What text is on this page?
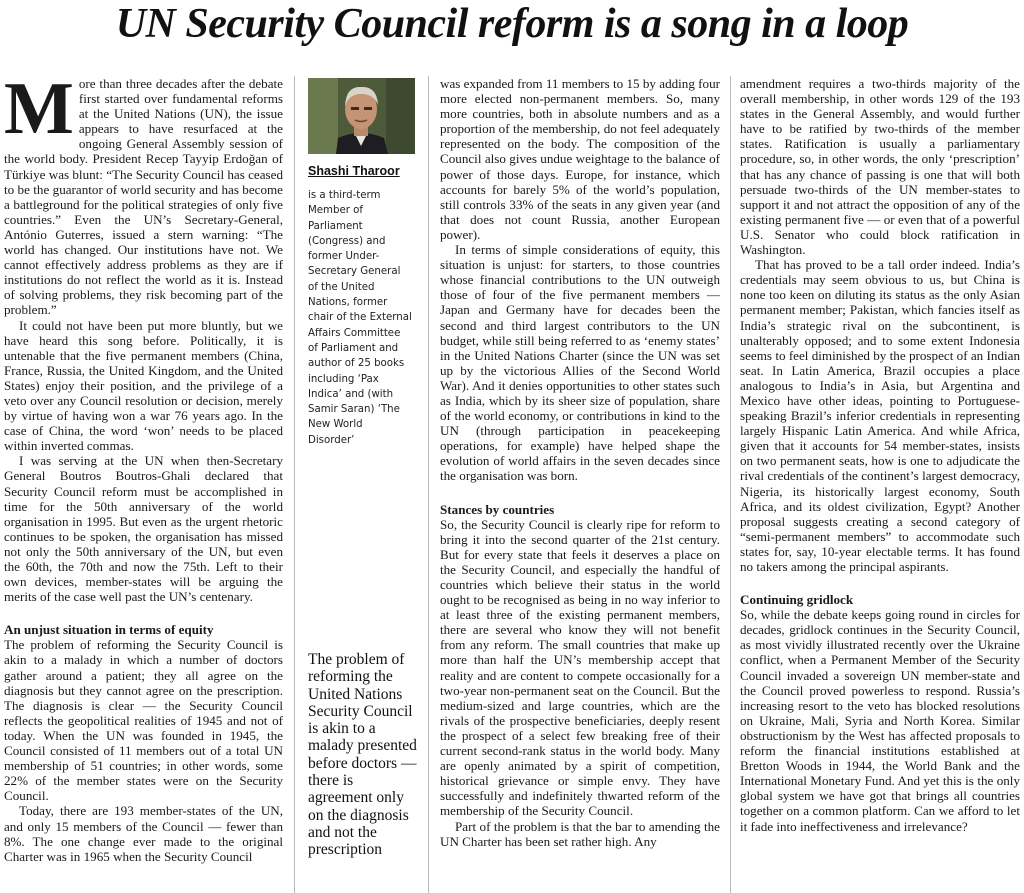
UN Security Council reform is a song in a loop

More than three decades after the debate first started over fundamental reforms at the United Nations (UN), the issue appears to have resurfaced at the ongoing General Assembly session of the world body. President Recep Tayyip Erdoğan of Türkiye was blunt: “The Security Council has ceased to be the guarantor of world security and has become a battleground for the political strategies of only five countries.” Even the UN’s Secretary-General, António Guterres, issued a stern warning: “The world has changed. Our institutions have not. We cannot effectively address problems as they are if institutions do not reflect the world as it is. Instead of solving problems, they risk becoming part of the problem.”

It could not have been put more bluntly, but we have heard this song before. Politically, it is untenable that the five permanent members (China, France, Russia, the United Kingdom, and the United States) enjoy their position, and the privilege of a veto over any Council resolution or decision, merely by virtue of having won a war 76 years ago. In the case of China, the word ‘won’ needs to be placed within inverted commas.

I was serving at the UN when then-Secretary General Boutros Boutros-Ghali declared that Security Council reform must be accomplished in time for the 50th anniversary of the world organisation in 1995. But even as the urgent rhetoric continues to be spoken, the organisation has missed not only the 50th anniversary of the UN, but even the 60th, the 70th and now the 75th. Left to their own devices, member-states will be arguing the merits of the case well past the UN’s centenary.

An unjust situation in terms of equity

The problem of reforming the Security Council is akin to a malady in which a number of doctors gather around a patient; they all agree on the diagnosis but they cannot agree on the prescription. The diagnosis is clear — the Security Council reflects the geopolitical realities of 1945 and not of today. When the UN was founded in 1945, the Council consisted of 11 members out of a total UN membership of 51 countries; in other words, some 22% of the member states were on the Security Council.

Today, there are 193 member-states of the UN, and only 15 members of the Council — fewer than 8%. The one change ever made to the original Charter was in 1965 when the Security Council

Shashi Tharoor
is a third-term Member of Parliament (Congress) and former Under-Secretary General of the United Nations, former chair of the External Affairs Committee of Parliament and author of 25 books including ‘Pax Indica’ and (with Samir Saran) ‘The New World Disorder’
The problem of reforming the United Nations Security Council is akin to a malady presented before doctors — there is agreement only on the diagnosis and not the prescription

was expanded from 11 members to 15 by adding four more elected non-permanent members. So, many more countries, both in absolute numbers and as a proportion of the membership, do not feel adequately represented on the body. The composition of the Council also gives undue weightage to the balance of power of those days. Europe, for instance, which accounts for barely 5% of the world’s population, still controls 33% of the seats in any given year (and that does not count Russia, another European power).

In terms of simple considerations of equity, this situation is unjust: for starters, to those countries whose financial contributions to the UN outweigh those of four of the five permanent members — Japan and Germany have for decades been the second and third largest contributors to the UN budget, while still being referred to as ‘enemy states’ in the United Nations Charter (since the UN was set up by the victorious Allies of the Second World War). And it denies opportunities to other states such as India, which by its sheer size of population, share of the world economy, or contributions in kind to the UN (through participation in peacekeeping operations, for example) have helped shape the evolution of world affairs in the seven decades since the organisation was born.

Stances by countries

So, the Security Council is clearly ripe for reform to bring it into the second quarter of the 21st century. But for every state that feels it deserves a place on the Security Council, and especially the handful of countries which believe their status in the world ought to be recognised as being in no way inferior to at least three of the existing permanent members, there are several who know they will not benefit from any reform. The small countries that make up more than half the UN’s membership accept that reality and are content to compete occasionally for a two-year non-permanent seat on the Council. But the medium-sized and large countries, which are the rivals of the prospective beneficiaries, deeply resent the prospect of a select few breaking free of their current second-rank status in the world body. Many are openly animated by a spirit of competition, historical grievance or simple envy. They have successfully and indefinitely thwarted reform of the membership of the Security Council.

Part of the problem is that the bar to amending the UN Charter has been set rather high. Any

amendment requires a two-thirds majority of the overall membership, in other words 129 of the 193 states in the General Assembly, and would further have to be ratified by two-thirds of the member states. Ratification is usually a parliamentary procedure, so, in other words, the only ‘prescription’ that has any chance of passing is one that will both persuade two-thirds of the UN member-states to support it and not attract the opposition of any of the existing permanent five — or even that of a powerful U.S. Senator who could block ratification in Washington.

That has proved to be a tall order indeed. India’s credentials may seem obvious to us, but China is none too keen on diluting its status as the only Asian permanent member; Pakistan, which fancies itself as India’s strategic rival on the subcontinent, is unalterably opposed; and to some extent Indonesia seems to feel diminished by the prospect of an Indian seat. In Latin America, Brazil occupies a place analogous to India’s in Asia, but Argentina and Mexico have other ideas, pointing to Portuguese-speaking Brazil’s inferior credentials in representing largely Hispanic Latin America. And while Africa, given that it accounts for 54 member-states, insists on two permanent seats, how is one to adjudicate the rival credentials of the continent’s largest democracy, Nigeria, its historically largest economy, South Africa, and its oldest civilization, Egypt? Another proposal suggests creating a second category of “semi-permanent members” to accommodate such states for, say, 10-year electable terms. It has found no takers among the principal aspirants.

Continuing gridlock

So, while the debate keeps going round in circles for decades, gridlock continues in the Security Council, as most vividly illustrated recently over the Ukraine conflict, when a Permanent Member of the Security Council invaded a sovereign UN member-state and the Council proved powerless to respond. Russia’s increasing resort to the veto has blocked resolutions on Ukraine, Mali, Syria and North Korea. Similar obstructionism by the West has affected proposals to reform the financial institutions established at Bretton Woods in 1944, the World Bank and the International Monetary Fund. And yet this is the only global system we have got that brings all countries together on a common platform. Can we afford to let it fade into ineffectiveness and irrelevance?
